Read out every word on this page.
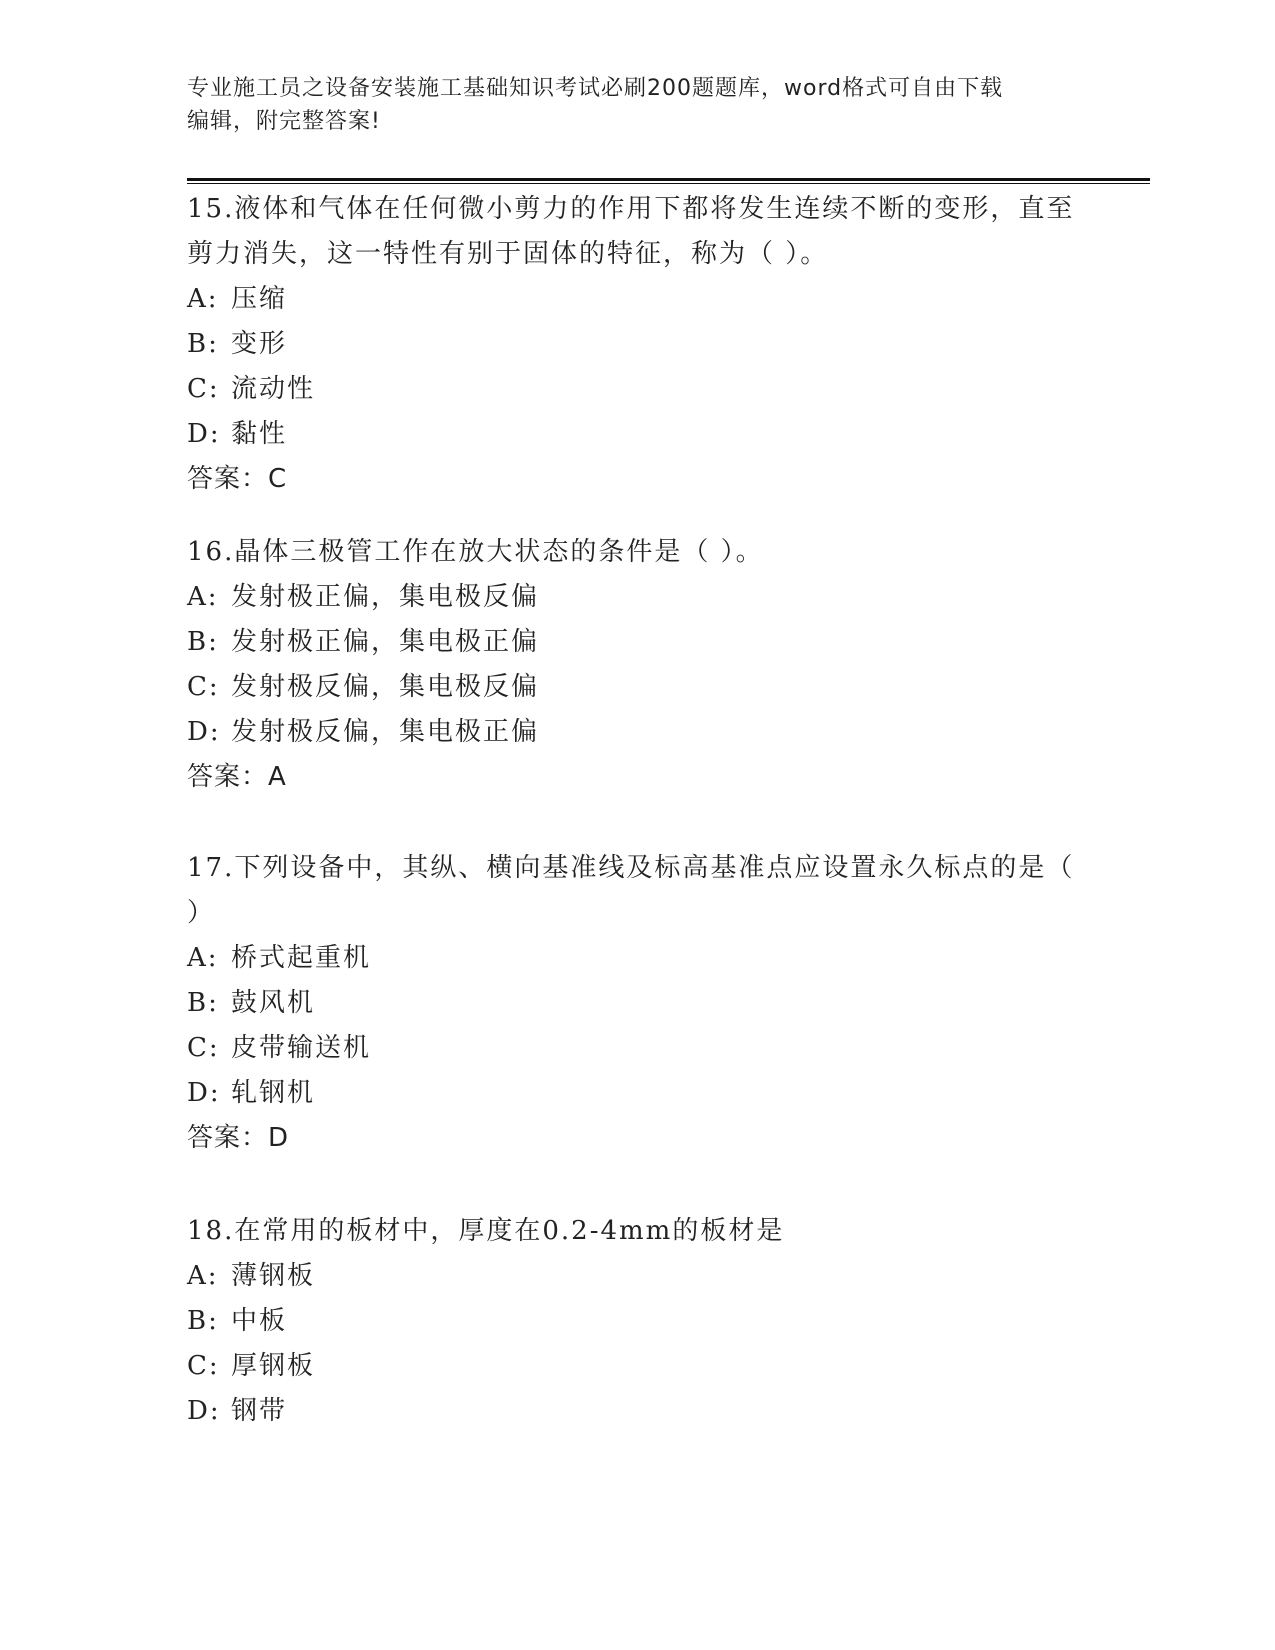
专业施工员之设备安装施工基础知识考试必刷200题题库，word格式可自由下载
编辑，附完整答案!

15.液体和气体在任何微小剪力的作用下都将发生连续不断的变形，直至剪力消失，这一特性有别于固体的特征，称为（ ）。

A: 压缩

B: 变形

C: 流动性

D: 黏性

答案：C

16.晶体三极管工作在放大状态的条件是（ ）。

A: 发射极正偏，集电极反偏

B: 发射极正偏，集电极正偏

C: 发射极反偏，集电极反偏

D: 发射极反偏，集电极正偏

答案：A

17.下列设备中，其纵、横向基准线及标高基准点应设置永久标点的是（ ）

A: 桥式起重机

B: 鼓风机

C: 皮带输送机

D: 轧钢机

答案：D

18.在常用的板材中，厚度在0.2-4mm的板材是

A: 薄钢板

B: 中板

C: 厚钢板

D: 钢带
